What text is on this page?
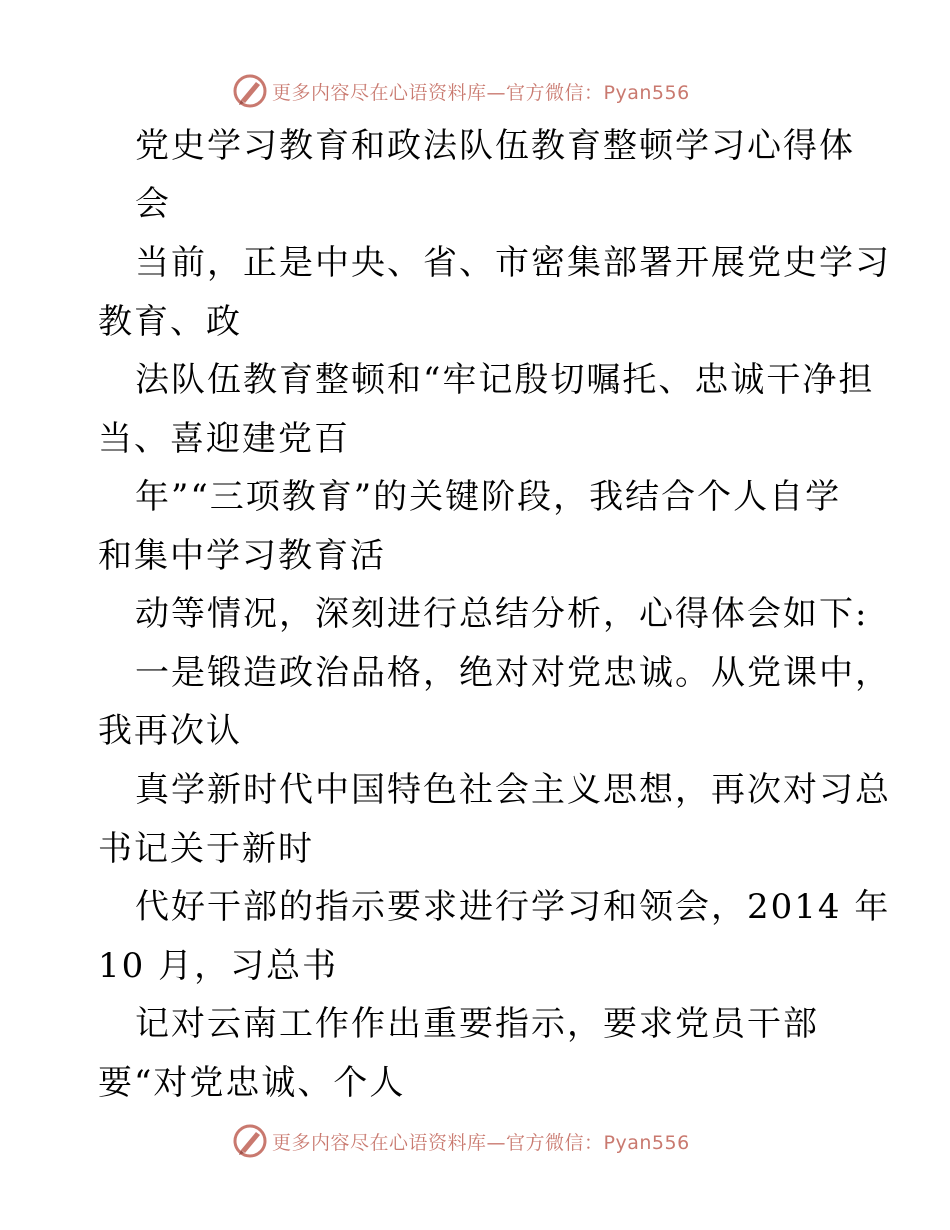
更多内容尽在心语资料库—官方微信：Pyan556
党史学习教育和政法队伍教育整顿学习心得体
会
当前，正是中央、省、市密集部署开展党史学习
教育、政
法队伍教育整顿和“牢记殷切嘱托、忠诚干净担
当、喜迎建党百
年”“三项教育”的关键阶段，我结合个人自学
和集中学习教育活
动等情况，深刻进行总结分析，心得体会如下:
一是锻造政治品格，绝对对党忠诚。从党课中，
我再次认
真学新时代中国特色社会主义思想，再次对习总
书记关于新时
代好干部的指示要求进行学习和领会，2014 年
10 月，习总书
记对云南工作作出重要指示，要求党员干部
要“对党忠诚、个人
更多内容尽在心语资料库—官方微信：Pyan556
